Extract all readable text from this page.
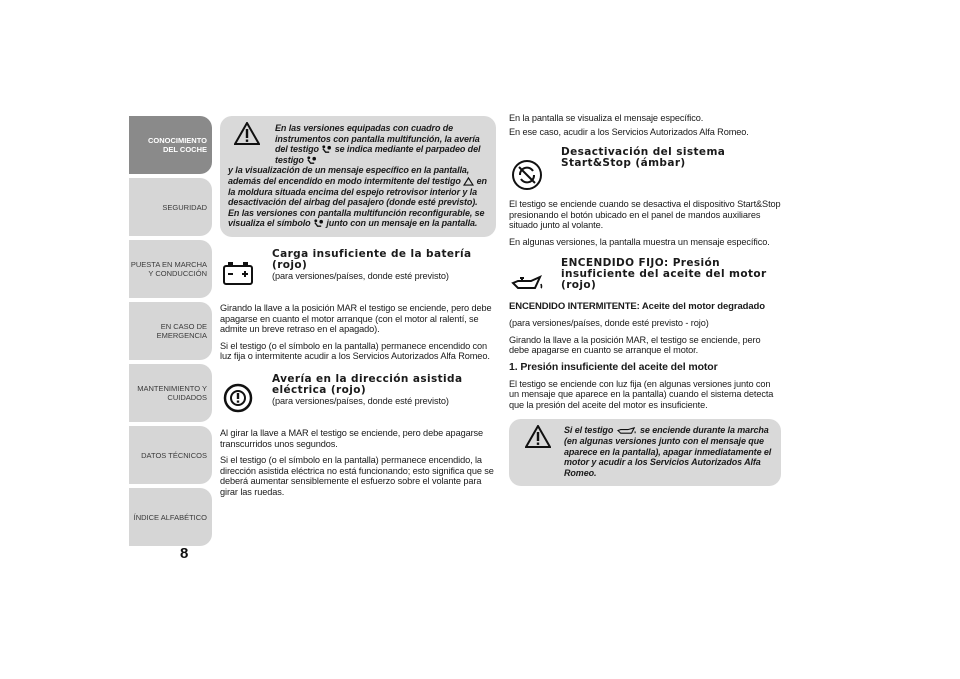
CONOCIMIENTO
DEL COCHE
SEGURIDAD
PUESTA EN MARCHA
Y CONDUCCIÓN
EN CASO DE
EMERGENCIA
MANTENIMIENTO Y
CUIDADOS
DATOS TÉCNICOS
ÍNDICE ALFABÉTICO
8
En las versiones equipadas con cuadro de instrumentos con pantalla multifunción, la avería del testigo se indica mediante el parpadeo del testigo
y la visualización de un mensaje específico en la pantalla, además del encendido en modo intermitente del testigo en la moldura situada encima del espejo retrovisor interior y la desactivación del airbag del pasajero (donde esté previsto). En las versiones con pantalla multifunción reconfigurable, se visualiza el símbolo junto con un mensaje en la pantalla.
Carga insuficiente de la batería (rojo)

(para versiones/países, donde esté previsto)

Girando la llave a la posición MAR el testigo se enciende, pero debe apagarse en cuanto el motor arranque (con el motor al ralentí, se admite un breve retraso en el apagado).

Si el testigo (o el símbolo en la pantalla) permanece encendido con luz fija o intermitente acudir a los Servicios Autorizados Alfa Romeo.

Avería en la dirección asistida eléctrica (rojo)

(para versiones/países, donde esté previsto)

Al girar la llave a MAR el testigo se enciende, pero debe apagarse transcurridos unos segundos.

Si el testigo (o el símbolo en la pantalla) permanece encendido, la dirección asistida eléctrica no está funcionando; esto significa que se deberá aumentar sensiblemente el esfuerzo sobre el volante para girar las ruedas.

En la pantalla se visualiza el mensaje específico.

En ese caso, acudir a los Servicios Autorizados Alfa Romeo.

Desactivación del sistema Start&Stop (ámbar)

El testigo se enciende cuando se desactiva el dispositivo Start&Stop presionando el botón ubicado en el panel de mandos auxiliares situado junto al volante.

En algunas versiones, la pantalla muestra un mensaje específico.

ENCENDIDO FIJO: Presión insuficiente del aceite del motor (rojo)

ENCENDIDO INTERMITENTE: Aceite del motor degradado

(para versiones/países, donde esté previsto - rojo)

Girando la llave a la posición MAR, el testigo se enciende, pero debe apagarse en cuanto se arranque el motor.

1. Presión insuficiente del aceite del motor

El testigo se enciende con luz fija (en algunas versiones junto con un mensaje que aparece en la pantalla) cuando el sistema detecta que la presión del aceite del motor es insuficiente.

Si el testigo	se enciende durante la marcha (en algunas versiones junto con el mensaje que aparece en la pantalla), apagar inmediatamente el motor y acudir a los Servicios Autorizados Alfa Romeo.
